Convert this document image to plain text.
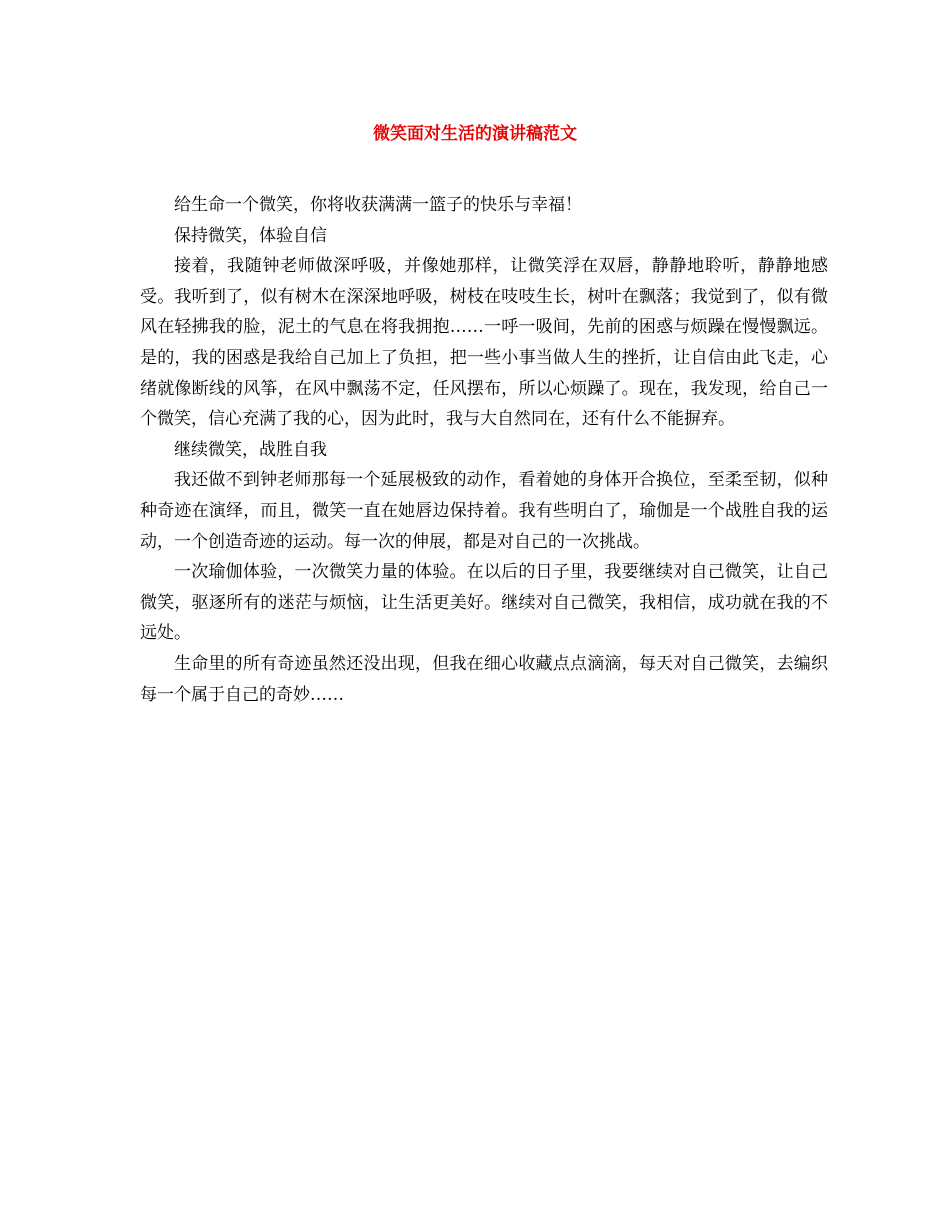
微笑面对生活的演讲稿范文

给生命一个微笑，你将收获满满一篮子的快乐与幸福！

保持微笑，体验自信

接着，我随钟老师做深呼吸，并像她那样，让微笑浮在双唇，静静地聆听，静静地感受。我听到了，似有树木在深深地呼吸，树枝在吱吱生长，树叶在飘落；我觉到了，似有微风在轻拂我的脸，泥土的气息在将我拥抱……一呼一吸间，先前的困惑与烦躁在慢慢飘远。是的，我的困惑是我给自己加上了负担，把一些小事当做人生的挫折，让自信由此飞走，心绪就像断线的风筝，在风中飘荡不定，任风摆布，所以心烦躁了。现在，我发现，给自己一个微笑，信心充满了我的心，因为此时，我与大自然同在，还有什么不能摒弃。

继续微笑，战胜自我

我还做不到钟老师那每一个延展极致的动作，看着她的身体开合换位，至柔至韧，似种种奇迹在演绎，而且，微笑一直在她唇边保持着。我有些明白了，瑜伽是一个战胜自我的运动，一个创造奇迹的运动。每一次的伸展，都是对自己的一次挑战。

一次瑜伽体验，一次微笑力量的体验。在以后的日子里，我要继续对自己微笑，让自己微笑，驱逐所有的迷茫与烦恼，让生活更美好。继续对自己微笑，我相信，成功就在我的不远处。

生命里的所有奇迹虽然还没出现，但我在细心收藏点点滴滴，每天对自己微笑，去编织每一个属于自己的奇妙……
